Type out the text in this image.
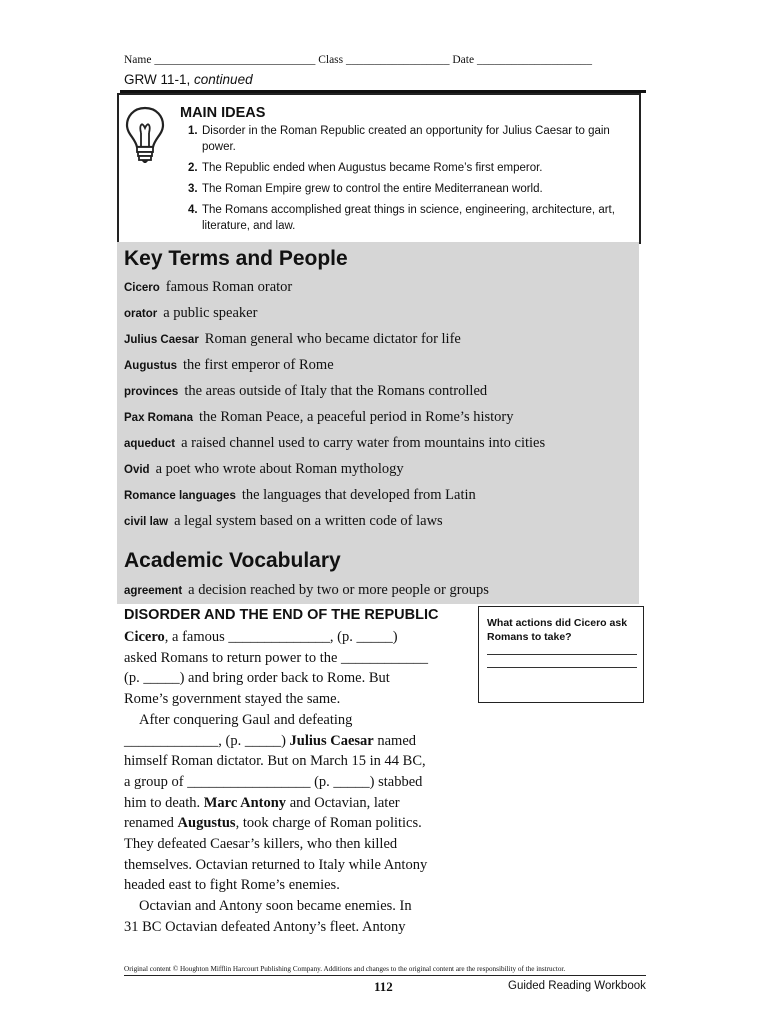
Name ____________________________ Class __________________ Date ____________________
GRW 11-1, continued
MAIN IDEAS
1. Disorder in the Roman Republic created an opportunity for Julius Caesar to gain power.
2. The Republic ended when Augustus became Rome’s first emperor.
3. The Roman Empire grew to control the entire Mediterranean world.
4. The Romans accomplished great things in science, engineering, architecture, art, literature, and law.
Key Terms and People
Cicero famous Roman orator
orator a public speaker
Julius Caesar Roman general who became dictator for life
Augustus the first emperor of Rome
provinces the areas outside of Italy that the Romans controlled
Pax Romana the Roman Peace, a peaceful period in Rome’s history
aqueduct a raised channel used to carry water from mountains into cities
Ovid a poet who wrote about Roman mythology
Romance languages the languages that developed from Latin
civil law a legal system based on a written code of laws
Academic Vocabulary
agreement a decision reached by two or more people or groups
DISORDER AND THE END OF THE REPUBLIC
Cicero, a famous ______________, (p. _____)
asked Romans to return power to the ____________
(p. _____) and bring order back to Rome. But
Rome’s government stayed the same.
After conquering Gaul and defeating
_____________, (p. _____) Julius Caesar named
himself Roman dictator. But on March 15 in 44 BC,
a group of _________________ (p. _____) stabbed
him to death. Marc Antony and Octavian, later
renamed Augustus, took charge of Roman politics.
They defeated Caesar’s killers, who then killed
themselves. Octavian returned to Italy while Antony
headed east to fight Rome’s enemies.
Octavian and Antony soon became enemies. In
31 BC Octavian defeated Antony’s fleet. Antony
What actions did Cicero ask Romans to take?
Original content © Houghton Mifflin Harcourt Publishing Company. Additions and changes to the original content are the responsibility of the instructor.
112	Guided Reading Workbook
